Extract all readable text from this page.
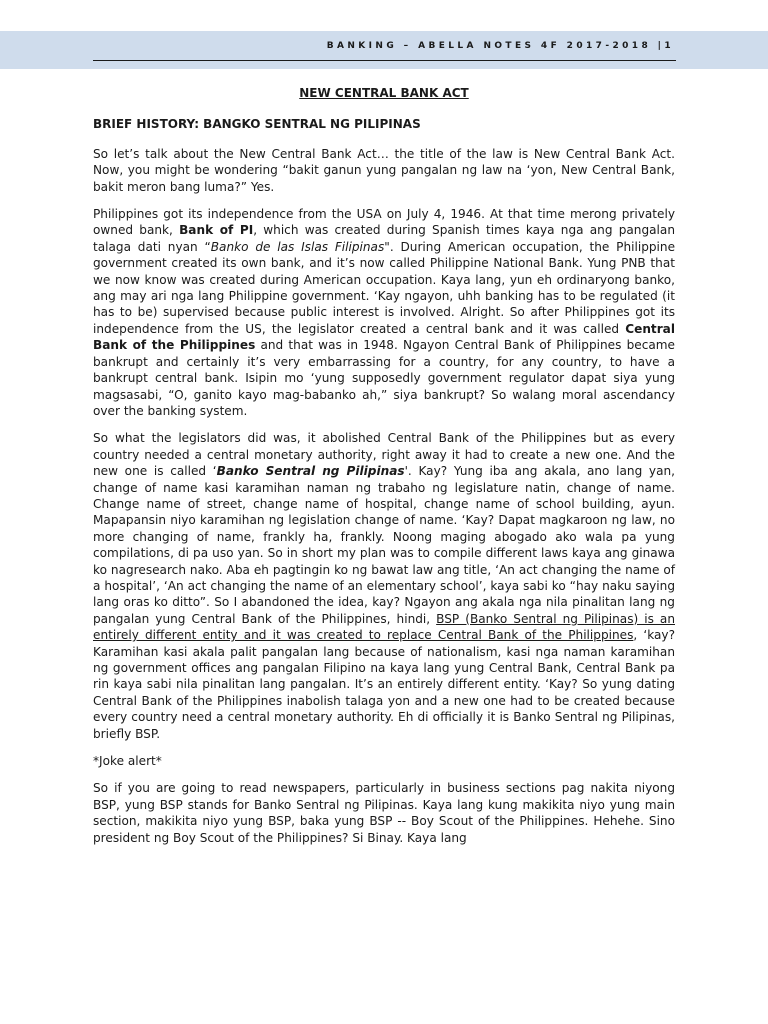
BANKING – ABELLA NOTES 4F 2017-2018 |1
NEW CENTRAL BANK ACT
BRIEF HISTORY: BANGKO SENTRAL NG PILIPINAS

So let’s talk about the New Central Bank Act… the title of the law is New Central Bank Act. Now, you might be wondering “bakit ganun yung pangalan ng law na ‘yon, New Central Bank, bakit meron bang luma?” Yes.

Philippines got its independence from the USA on July 4, 1946. At that time merong privately owned bank, Bank of PI, which was created during Spanish times kaya nga ang pangalan talaga dati nyan “Banko de las Islas Filipinas". During American occupation, the Philippine government created its own bank, and it’s now called Philippine National Bank. Yung PNB that we now know was created during American occupation. Kaya lang, yun eh ordinaryong banko, ang may ari nga lang Philippine government. ‘Kay ngayon, uhh banking has to be regulated (it has to be) supervised because public interest is involved. Alright. So after Philippines got its independence from the US, the legislator created a central bank and it was called Central Bank of the Philippines and that was in 1948. Ngayon Central Bank of Philippines became bankrupt and certainly it’s very embarrassing for a country, for any country, to have a bankrupt central bank. Isipin mo ‘yung supposedly government regulator dapat siya yung magsasabi, “O, ganito kayo mag-babanko ah,” siya bankrupt? So walang moral ascendancy over the banking system.

So what the legislators did was, it abolished Central Bank of the Philippines but as every country needed a central monetary authority, right away it had to create a new one. And the new one is called ‘Banko Sentral ng Pilipinas'. Kay? Yung iba ang akala, ano lang yan, change of name kasi karamihan naman ng trabaho ng legislature natin, change of name. Change name of street, change name of hospital, change name of school building, ayun. Mapapansin niyo karamihan ng legislation change of name. ‘Kay? Dapat magkaroon ng law, no more changing of name, frankly ha, frankly. Noong maging abogado ako wala pa yung compilations, di pa uso yan. So in short my plan was to compile different laws kaya ang ginawa ko nagresearch nako. Aba eh pagtingin ko ng bawat law ang title, ‘An act changing the name of a hospital’, ‘An act changing the name of an elementary school’, kaya sabi ko “hay naku saying lang oras ko ditto”. So I abandoned the idea, kay? Ngayon ang akala nga nila pinalitan lang ng pangalan yung Central Bank of the Philippines, hindi, BSP (Banko Sentral ng Pilipinas) is an entirely different entity and it was created to replace Central Bank of the Philippines, ‘kay? Karamihan kasi akala palit pangalan lang because of nationalism, kasi nga naman karamihan ng government offices ang pangalan Filipino na kaya lang yung Central Bank, Central Bank pa rin kaya sabi nila pinalitan lang pangalan. It’s an entirely different entity. ‘Kay? So yung dating Central Bank of the Philippines inabolish talaga yon and a new one had to be created because every country need a central monetary authority. Eh di officially it is Banko Sentral ng Pilipinas, briefly BSP.

*Joke alert*

So if you are going to read newspapers, particularly in business sections pag nakita niyong BSP, yung BSP stands for Banko Sentral ng Pilipinas. Kaya lang kung makikita niyo yung main section, makikita niyo yung BSP, baka yung BSP -- Boy Scout of the Philippines. Hehehe. Sino president ng Boy Scout of the Philippines? Si Binay. Kaya lang
